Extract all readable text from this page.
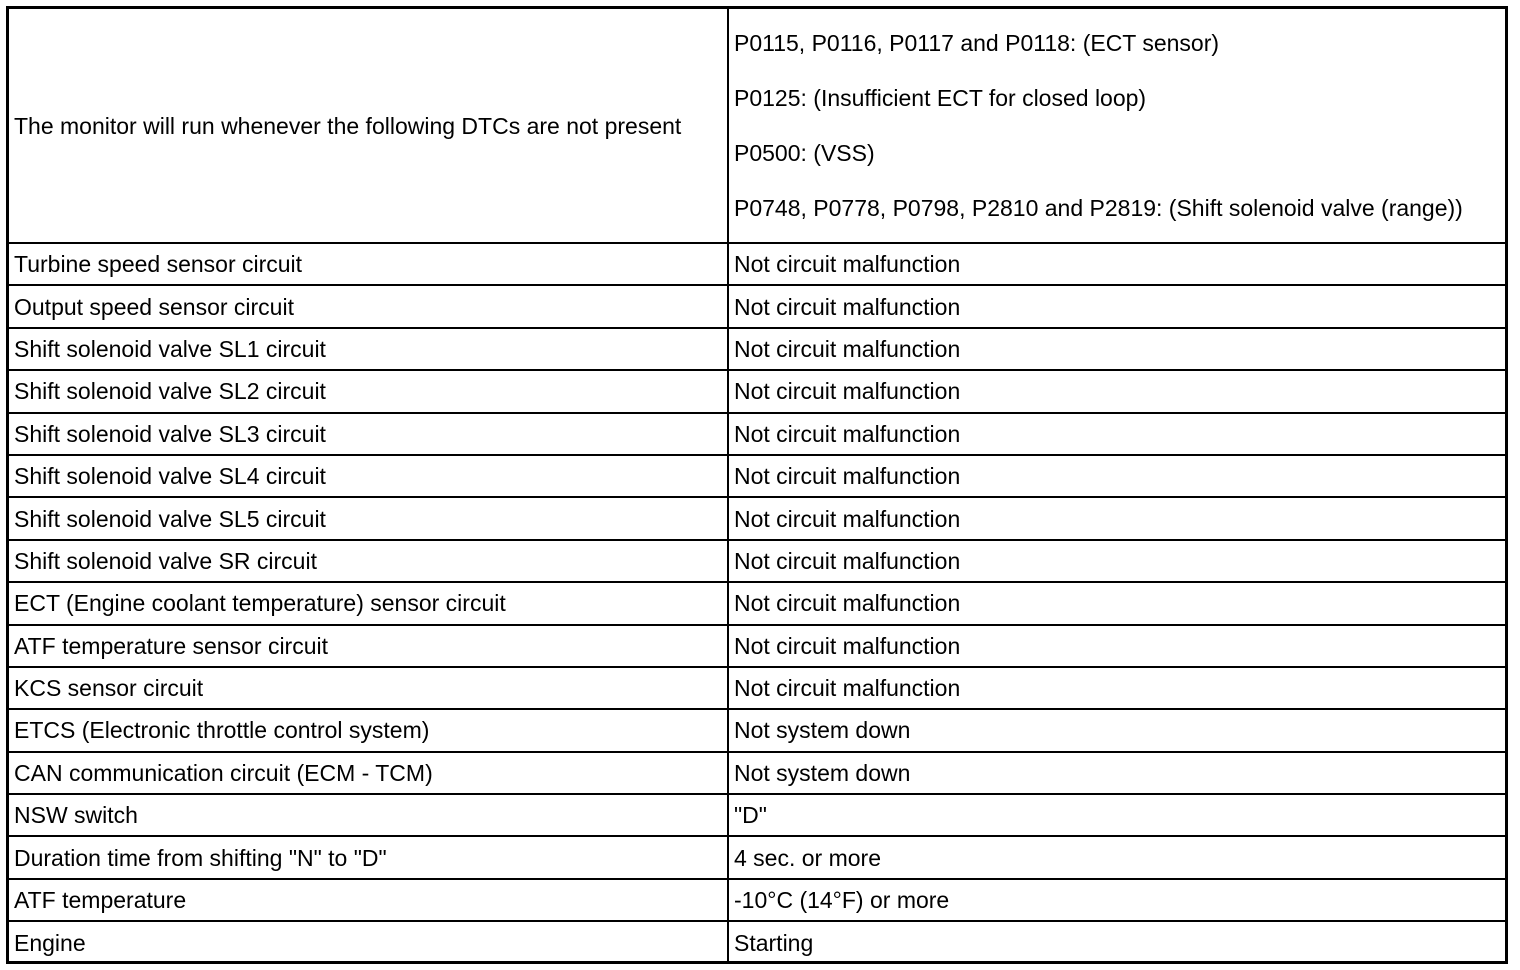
The monitor will run whenever the following DTCs are not present	P0115, P0116, P0117 and P0118: (ECT sensor)

P0125: (Insufficient ECT for closed loop)

P0500: (VSS)

P0748, P0778, P0798, P2810 and P2819: (Shift solenoid valve (range))

Turbine speed sensor circuit	Not circuit malfunction
Output speed sensor circuit	Not circuit malfunction
Shift solenoid valve SL1 circuit	Not circuit malfunction
Shift solenoid valve SL2 circuit	Not circuit malfunction
Shift solenoid valve SL3 circuit	Not circuit malfunction
Shift solenoid valve SL4 circuit	Not circuit malfunction
Shift solenoid valve SL5 circuit	Not circuit malfunction
Shift solenoid valve SR circuit	Not circuit malfunction
ECT (Engine coolant temperature) sensor circuit	Not circuit malfunction
ATF temperature sensor circuit	Not circuit malfunction
KCS sensor circuit	Not circuit malfunction
ETCS (Electronic throttle control system)	Not system down
CAN communication circuit (ECM - TCM)	Not system down
NSW switch	"D"
Duration time from shifting "N" to "D"	4 sec. or more
ATF temperature	-10°C (14°F) or more
Engine	Starting
